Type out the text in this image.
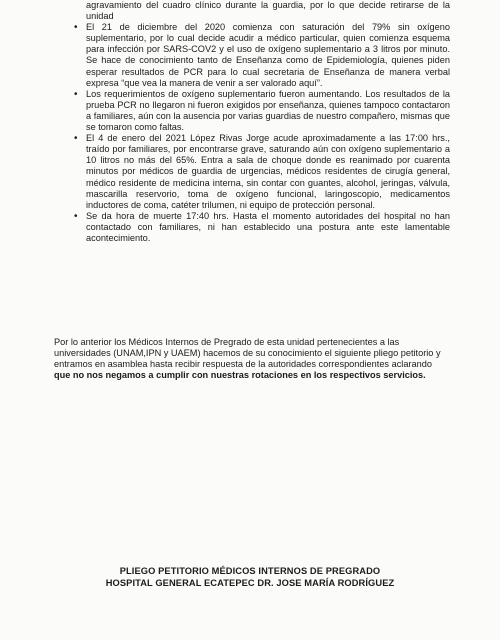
agravamiento del cuadro clínico durante la guardia, por lo que decide retirarse de la unidad

• El 21 de diciembre del 2020 comienza con saturación del 79% sin oxígeno suplementario, por lo cual decide acudir a médico particular, quien comienza esquema para infección por SARS-COV2 y el uso de oxígeno suplementario a 3 litros por minuto. Se hace de conocimiento tanto de Enseñanza como de Epidemiología, quienes piden esperar resultados de PCR para lo cual secretaria de Enseñanza de manera verbal expresa “que vea la manera de venir a ser valorado aquí”.

• Los requerimientos de oxígeno suplementario fueron aumentando. Los resultados de la prueba PCR no llegaron ni fueron exigidos por enseñanza, quienes tampoco contactaron a familiares, aún con la ausencia por varias guardias de nuestro compañero, mismas que se tomaron como faltas.

• El 4 de enero del 2021 López Rivas Jorge acude aproximadamente a las 17:00 hrs., traído por familiares, por encontrarse grave, saturando aún con oxígeno suplementario a 10 litros no más del 65%. Entra a sala de choque donde es reanimado por cuarenta minutos por médicos de guardia de urgencias, médicos residentes de cirugía general, médico residente de medicina interna, sin contar con guantes, alcohol, jeringas, válvula, mascarilla reservorio, toma de oxígeno funcional, laringoscopio, medicamentos inductores de coma, catéter trilumen, ni equipo de protección personal.

• Se da hora de muerte 17:40 hrs. Hasta el momento autoridades del hospital no han contactado con familiares, ni han establecido una postura ante este lamentable acontecimiento.

Por lo anterior los Médicos Internos de Pregrado de esta unidad pertenecientes a las universidades (UNAM,IPN y UAEM) hacemos de su conocimiento el siguiente pliego petitorio y entramos en asamblea hasta recibir respuesta de la autoridades correspondientes aclarando que no nos negamos a cumplir con nuestras rotaciones en los respectivos servicios.

PLIEGO PETITORIO MÉDICOS INTERNOS DE PREGRADO
HOSPITAL GENERAL ECATEPEC DR. JOSE MARÍA RODRÍGUEZ
